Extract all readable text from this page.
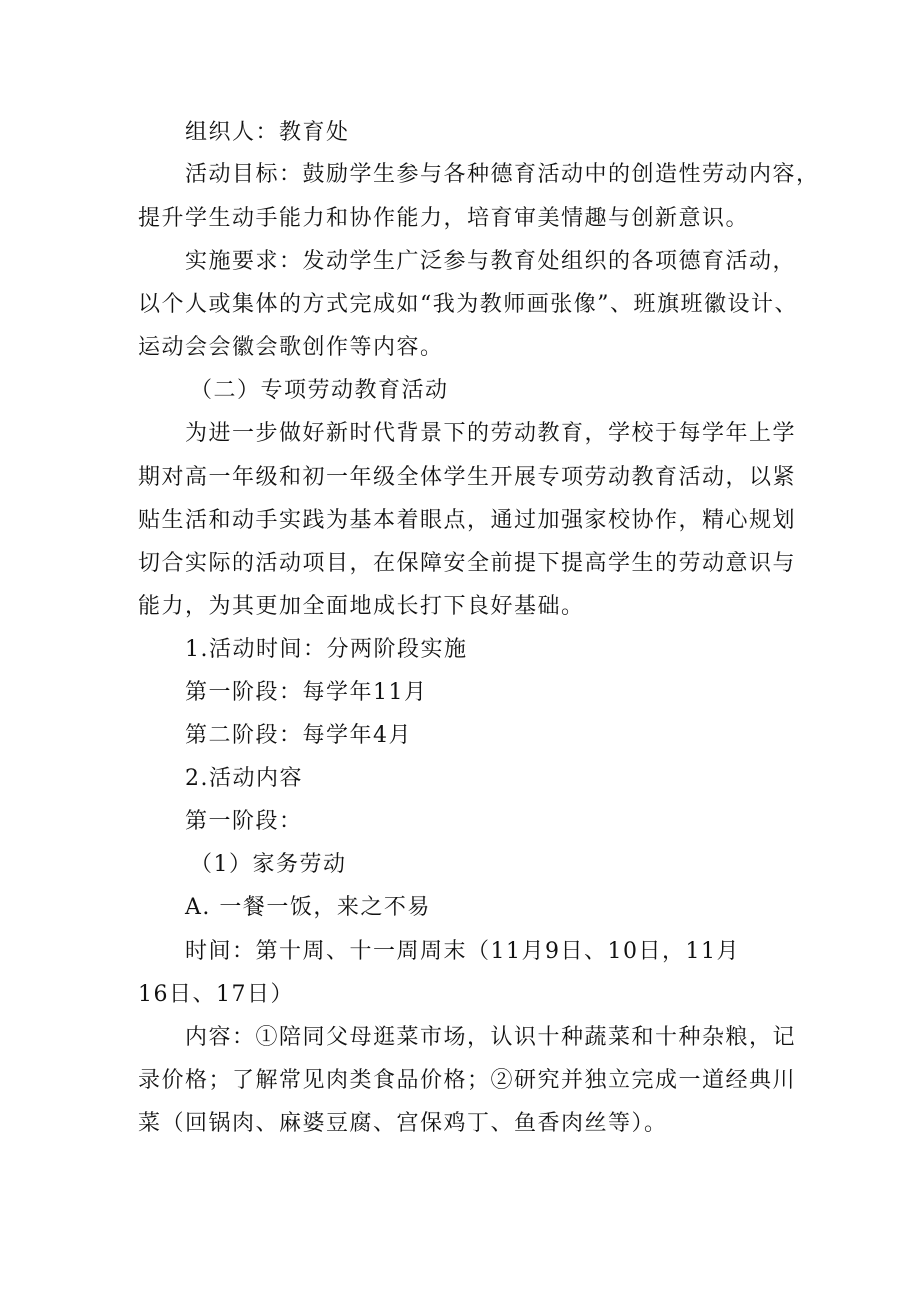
组织人：教育处
活动目标：鼓励学生参与各种德育活动中的创造性劳动内容，
提升学生动手能力和协作能力，培育审美情趣与创新意识。
实施要求：发动学生广泛参与教育处组织的各项德育活动，
以个人或集体的方式完成如“我为教师画张像”、班旗班徽设计、
运动会会徽会歌创作等内容。
（二）专项劳动教育活动
为进一步做好新时代背景下的劳动教育，学校于每学年上学
期对高一年级和初一年级全体学生开展专项劳动教育活动，以紧
贴生活和动手实践为基本着眼点，通过加强家校协作，精心规划
切合实际的活动项目，在保障安全前提下提高学生的劳动意识与
能力，为其更加全面地成长打下良好基础。
1.活动时间：分两阶段实施
第一阶段：每学年11月
第二阶段：每学年4月
2.活动内容
第一阶段：
（1）家务劳动
A. 一餐一饭，来之不易
时间：第十周、十一周周末（11月9日、10日，11月
16日、17日）
内容：①陪同父母逛菜市场，认识十种蔬菜和十种杂粮，记
录价格；了解常见肉类食品价格；②研究并独立完成一道经典川
菜（回锅肉、麻婆豆腐、宫保鸡丁、鱼香肉丝等）。
